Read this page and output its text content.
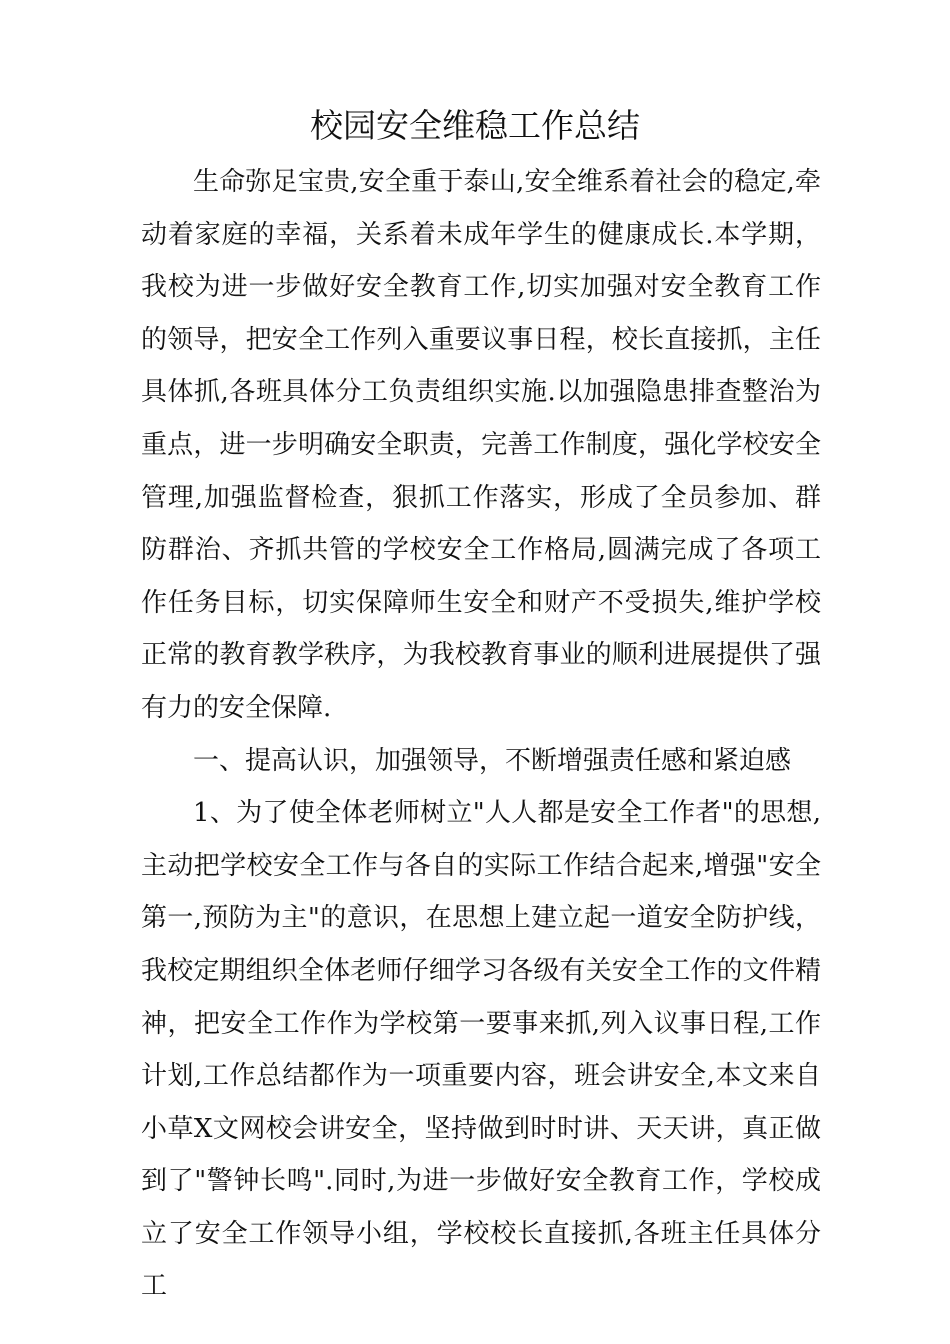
校园安全维稳工作总结

生命弥足宝贵,安全重于泰山,安全维系着社会的稳定,牵动着家庭的幸福，关系着未成年学生的健康成长.本学期，我校为进一步做好安全教育工作,切实加强对安全教育工作的领导，把安全工作列入重要议事日程，校长直接抓，主任具体抓,各班具体分工负责组织实施.以加强隐患排查整治为重点，进一步明确安全职责，完善工作制度，强化学校安全管理,加强监督检查，狠抓工作落实，形成了全员参加、群防群治、齐抓共管的学校安全工作格局,圆满完成了各项工作任务目标，切实保障师生安全和财产不受损失,维护学校正常的教育教学秩序，为我校教育事业的顺利进展提供了强有力的安全保障.

一、提高认识，加强领导，不断增强责任感和紧迫感

1、为了使全体老师树立"人人都是安全工作者"的思想,主动把学校安全工作与各自的实际工作结合起来,增强"安全第一,预防为主"的意识，在思想上建立起一道安全防护线，我校定期组织全体老师仔细学习各级有关安全工作的文件精神，把安全工作作为学校第一要事来抓,列入议事日程,工作计划,工作总结都作为一项重要内容，班会讲安全,本文来自小草X文网校会讲安全，坚持做到时时讲、天天讲，真正做到了"警钟长鸣".同时,为进一步做好安全教育工作，学校成立了安全工作领导小组，学校校长直接抓,各班主任具体分工
